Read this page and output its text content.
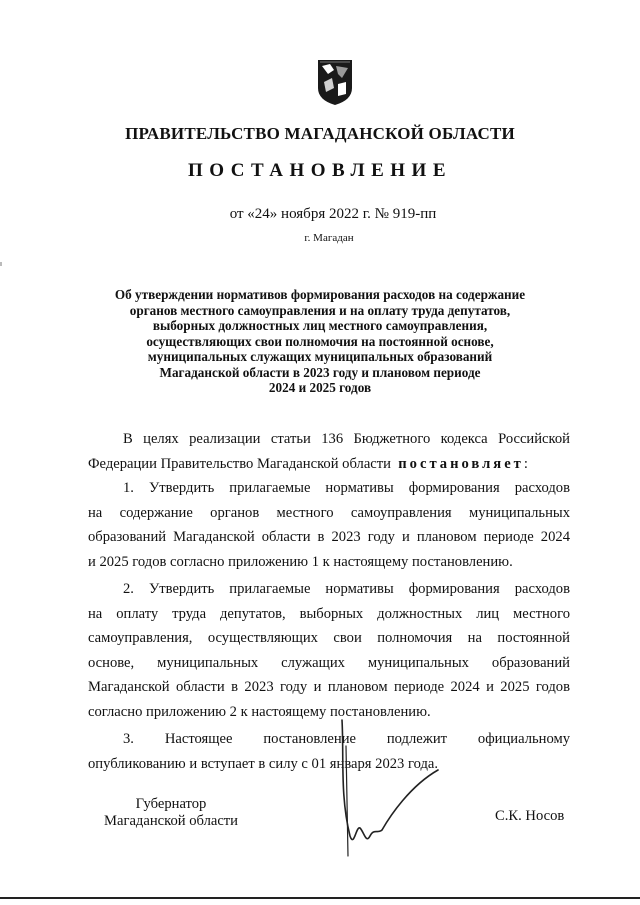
ПРАВИТЕЛЬСТВО МАГАДАНСКОЙ ОБЛАСТИ
ПОСТАНОВЛЕНИЕ
от «24» ноября 2022 г. № 919-пп
г. Магадан
Об утверждении нормативов формирования расходов на содержание
органов местного самоуправления и на оплату труда депутатов,
выборных должностных лиц местного самоуправления,
осуществляющих свои полномочия на постоянной основе,
муниципальных служащих муниципальных образований
Магаданской области в 2023 году и плановом периоде
2024 и 2025 годов
В целях реализации статьи 136 Бюджетного кодекса Российской
Федерации Правительство Магаданской области постановляет:
1. Утвердить прилагаемые нормативы формирования расходов
на содержание органов местного самоуправления муниципальных
образований Магаданской области в 2023 году и плановом периоде 2024
и 2025 годов согласно приложению 1 к настоящему постановлению.
2. Утвердить прилагаемые нормативы формирования расходов
на оплату труда депутатов, выборных должностных лиц местного
самоуправления, осуществляющих свои полномочия на постоянной
основе, муниципальных служащих муниципальных образований
Магаданской области в 2023 году и плановом периоде 2024 и 2025 годов
согласно приложению 2 к настоящему постановлению.
3. Настоящее постановление подлежит официальному
опубликованию и вступает в силу с 01 января 2023 года.
Губернатор
Магаданской области	С.К. Носов
